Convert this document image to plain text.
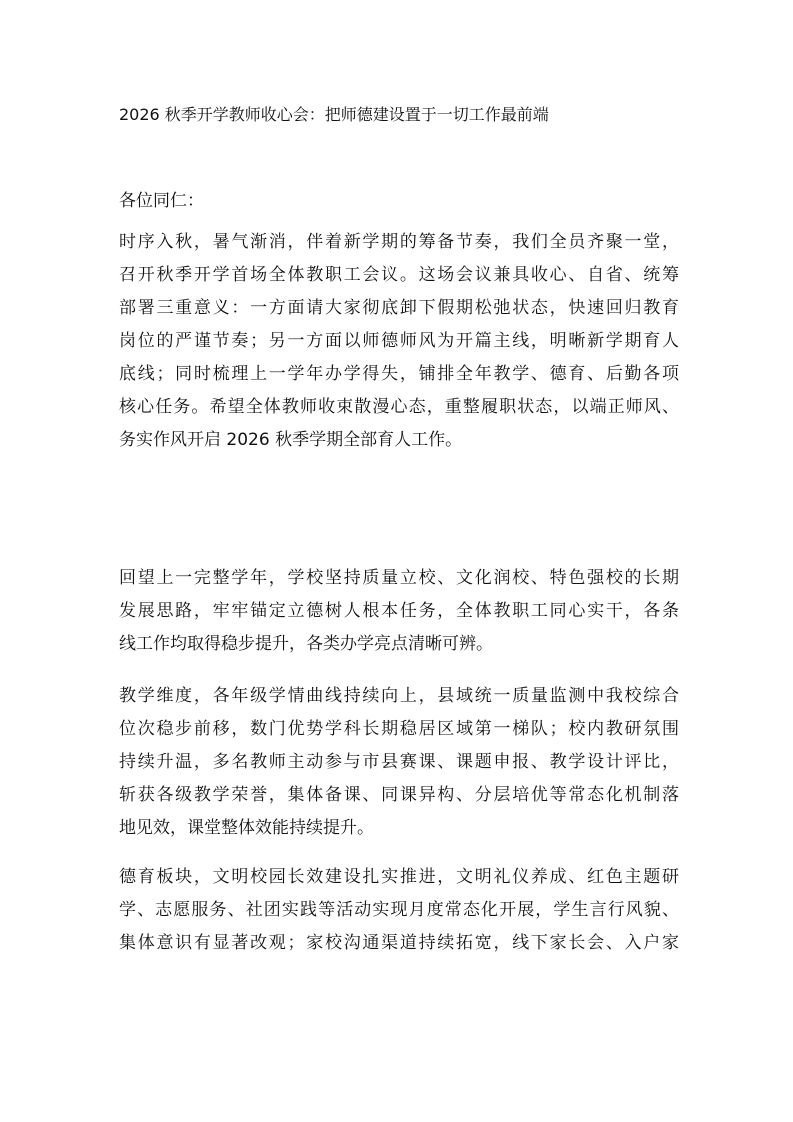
2026 秋季开学教师收心会：把师德建设置于一切工作最前端
各位同仁：
时序入秋，暑气渐消，伴着新学期的筹备节奏，我们全员齐聚一堂，
召开秋季开学首场全体教职工会议。这场会议兼具收心、自省、统筹
部署三重意义：一方面请大家彻底卸下假期松弛状态，快速回归教育
岗位的严谨节奏；另一方面以师德师风为开篇主线，明晰新学期育人
底线；同时梳理上一学年办学得失，铺排全年教学、德育、后勤各项
核心任务。希望全体教师收束散漫心态，重整履职状态，以端正师风、
务实作风开启 2026 秋季学期全部育人工作。
回望上一完整学年，学校坚持质量立校、文化润校、特色强校的长期
发展思路，牢牢锚定立德树人根本任务，全体教职工同心实干，各条
线工作均取得稳步提升，各类办学亮点清晰可辨。
教学维度，各年级学情曲线持续向上，县域统一质量监测中我校综合
位次稳步前移，数门优势学科长期稳居区域第一梯队；校内教研氛围
持续升温，多名教师主动参与市县赛课、课题申报、教学设计评比，
斩获各级教学荣誉，集体备课、同课异构、分层培优等常态化机制落
地见效，课堂整体效能持续提升。
德育板块，文明校园长效建设扎实推进，文明礼仪养成、红色主题研
学、志愿服务、社团实践等活动实现月度常态化开展，学生言行风貌、
集体意识有显著改观；家校沟通渠道持续拓宽，线下家长会、入户家
